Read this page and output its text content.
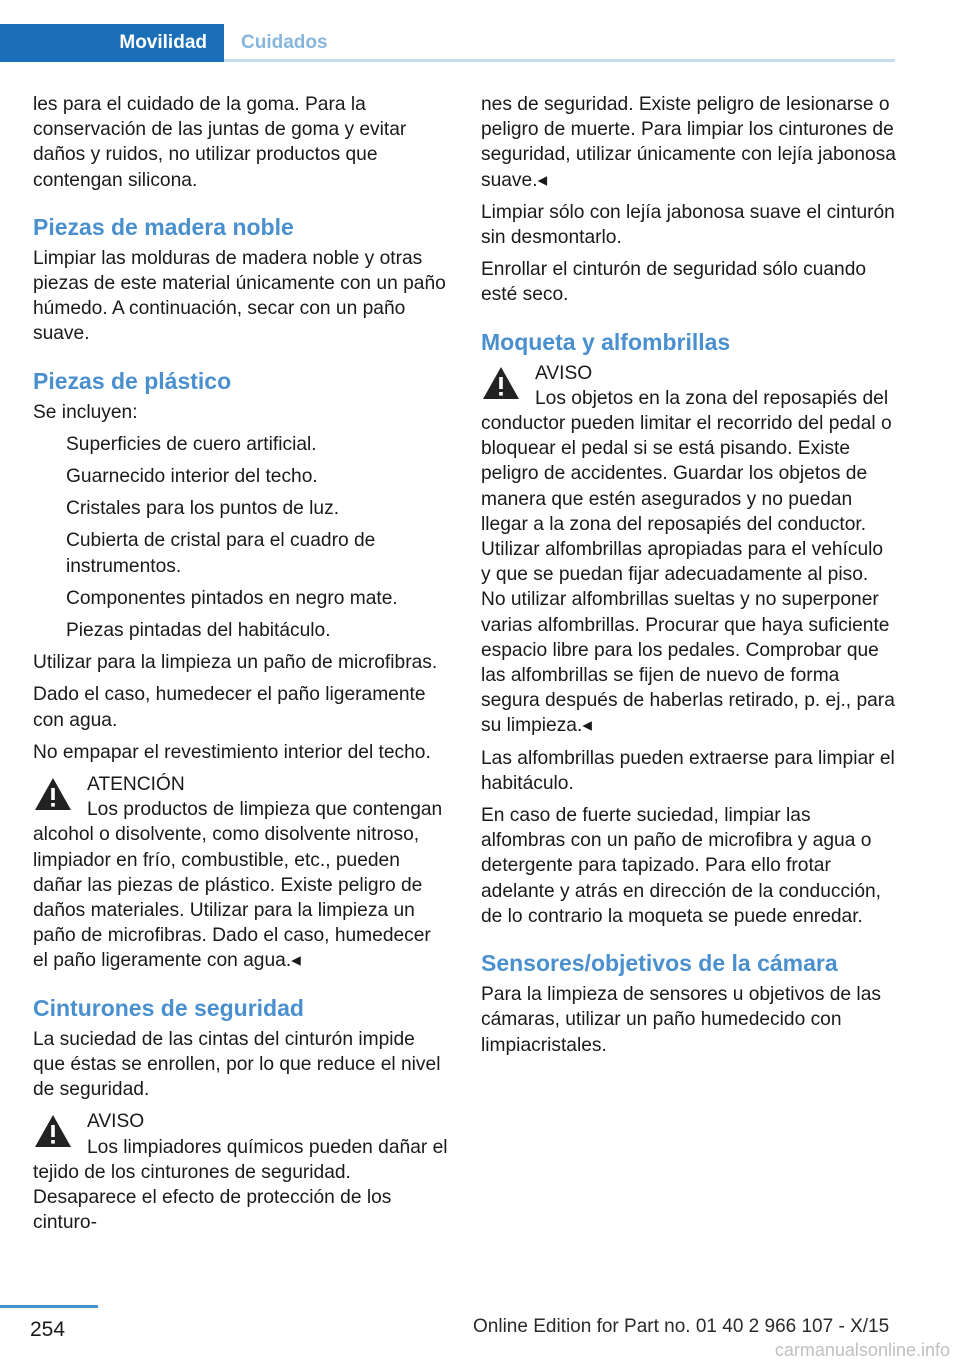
Movilidad	Cuidados

les para el cuidado de la goma. Para la conservación de las juntas de goma y evitar daños y ruidos, no utilizar productos que contengan silicona.

Piezas de madera noble

Limpiar las molduras de madera noble y otras piezas de este material únicamente con un paño húmedo. A continuación, secar con un paño suave.

Piezas de plástico

Se incluyen:

Superficies de cuero artificial.
Guarnecido interior del techo.
Cristales para los puntos de luz.
Cubierta de cristal para el cuadro de instrumentos.
Componentes pintados en negro mate.
Piezas pintadas del habitáculo.

Utilizar para la limpieza un paño de microfibras.

Dado el caso, humedecer el paño ligeramente con agua.

No empapar el revestimiento interior del techo.

ATENCIÓN
Los productos de limpieza que contengan alcohol o disolvente, como disolvente nitroso, limpiador en frío, combustible, etc., pueden dañar las piezas de plástico. Existe peligro de daños materiales. Utilizar para la limpieza un paño de microfibras. Dado el caso, humedecer el paño ligeramente con agua.◂
Cinturones de seguridad

La suciedad de las cintas del cinturón impide que éstas se enrollen, por lo que reduce el nivel de seguridad.

AVISO
Los limpiadores químicos pueden dañar el tejido de los cinturones de seguridad. Desaparece el efecto de protección de los cinturo-

nes de seguridad. Existe peligro de lesionarse o peligro de muerte. Para limpiar los cinturones de seguridad, utilizar únicamente con lejía jabonosa suave.◂

Limpiar sólo con lejía jabonosa suave el cinturón sin desmontarlo.

Enrollar el cinturón de seguridad sólo cuando esté seco.

Moqueta y alfombrillas
AVISO
Los objetos en la zona del reposapiés del conductor pueden limitar el recorrido del pedal o bloquear el pedal si se está pisando. Existe peligro de accidentes. Guardar los objetos de manera que estén asegurados y no puedan llegar a la zona del reposapiés del conductor. Utilizar alfombrillas apropiadas para el vehículo y que se puedan fijar adecuadamente al piso. No utilizar alfombrillas sueltas y no superponer varias alfombrillas. Procurar que haya suficiente espacio libre para los pedales. Comprobar que las alfombrillas se fijen de nuevo de forma segura después de haberlas retirado, p. ej., para su limpieza.◂

Las alfombrillas pueden extraerse para limpiar el habitáculo.

En caso de fuerte suciedad, limpiar las alfombras con un paño de microfibra y agua o detergente para tapizado. Para ello frotar adelante y atrás en dirección de la conducción, de lo contrario la moqueta se puede enredar.

Sensores/objetivos de la cámara

Para la limpieza de sensores u objetivos de las cámaras, utilizar un paño humedecido con limpiacristales.

254	Online Edition for Part no. 01 40 2 966 107 - X/15
carmanualsonline.info
